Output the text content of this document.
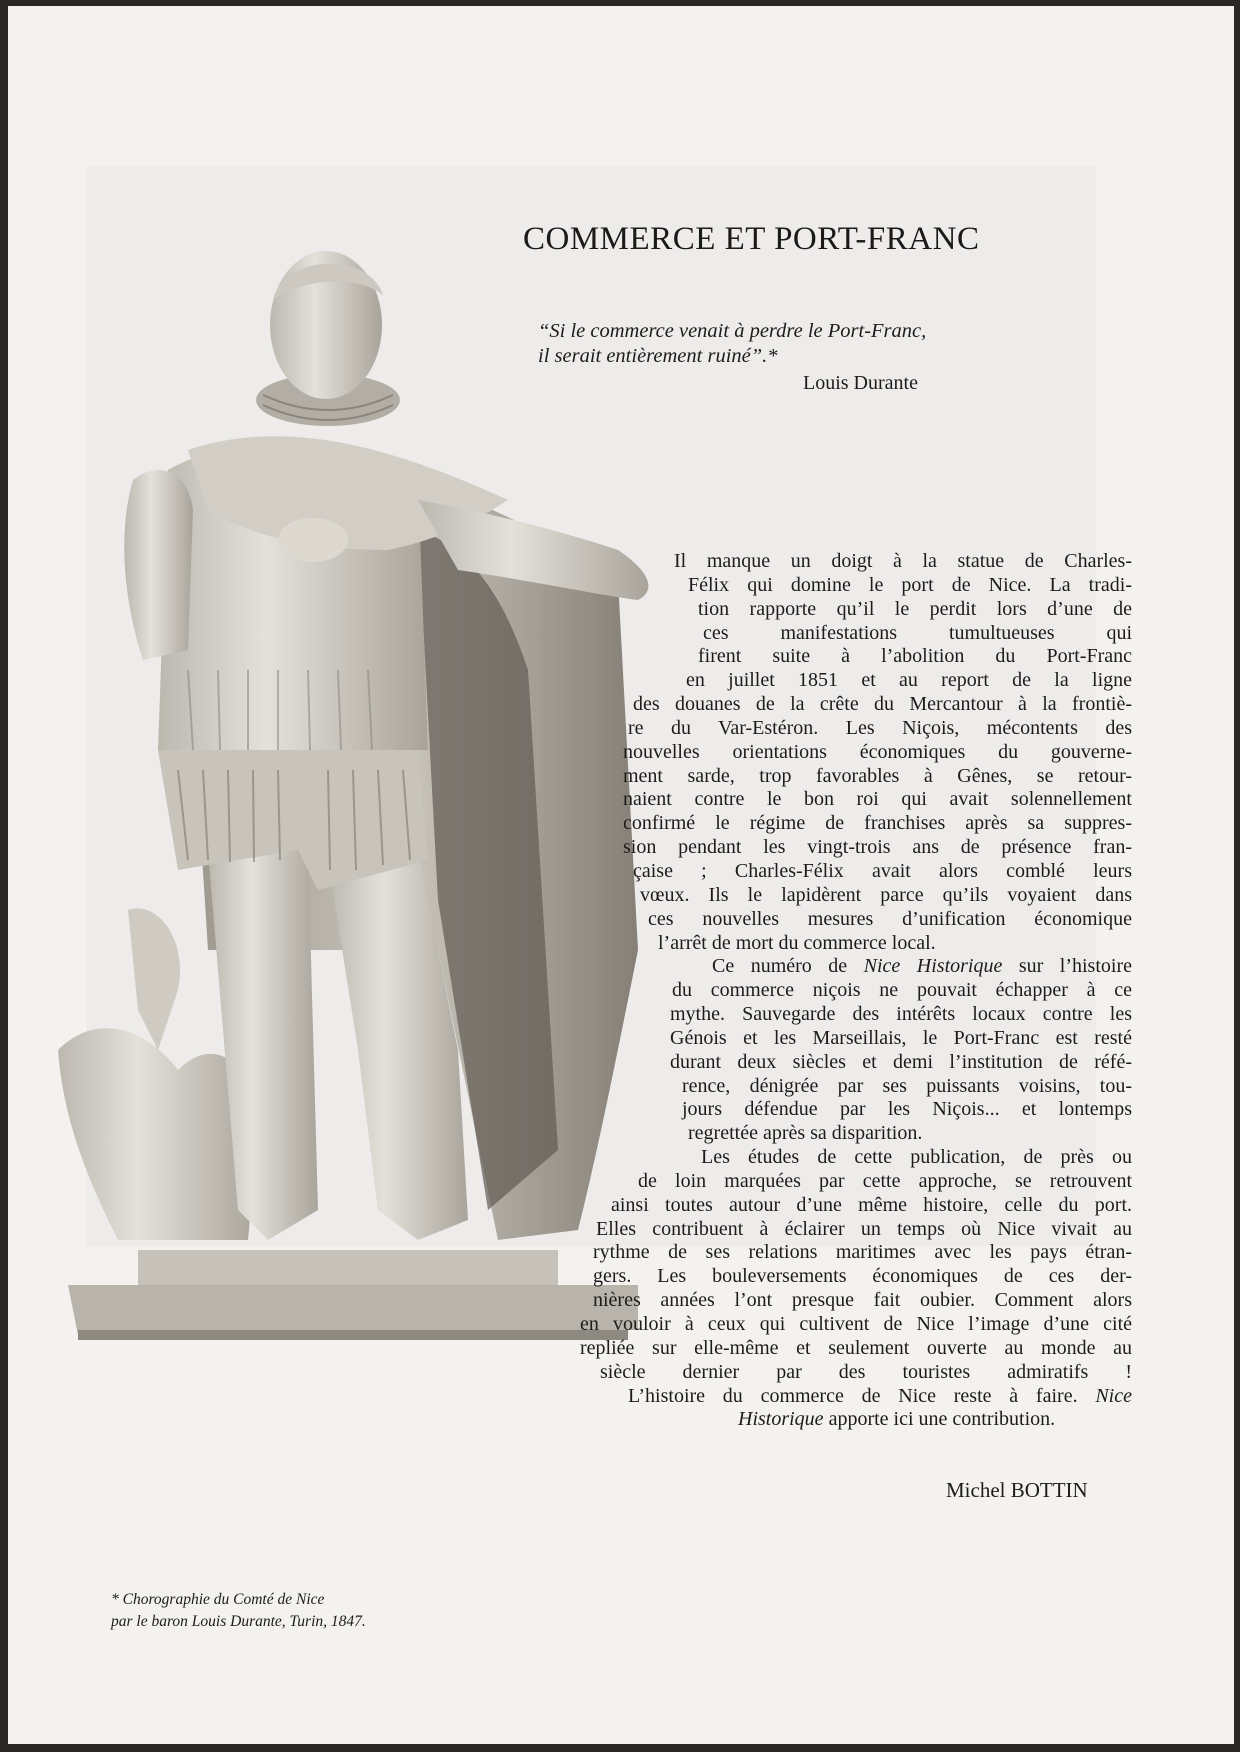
COMMERCE ET PORT-FRANC
“Si le commerce venait à perdre le Port-Franc,
il serait entièrement ruiné”.*
Louis Durante
Il manque un doigt à la statue de Charles-
Félix qui domine le port de Nice. La tradi-
tion rapporte qu’il le perdit lors d’une de
ces manifestations tumultueuses qui
firent suite à l’abolition du Port-Franc
en juillet 1851 et au report de la ligne
des douanes de la crête du Mercantour à la frontiè-
re du Var-Estéron. Les Niçois, mécontents des
nouvelles orientations économiques du gouverne-
ment sarde, trop favorables à Gênes, se retour-
naient contre le bon roi qui avait solennellement
confirmé le régime de franchises après sa suppres-
sion pendant les vingt-trois ans de présence fran-
çaise ; Charles-Félix avait alors comblé leurs
vœux. Ils le lapidèrent parce qu’ils voyaient dans
ces nouvelles mesures d’unification économique
l’arrêt de mort du commerce local.
Ce numéro de Nice Historique sur l’histoire
du commerce niçois ne pouvait échapper à ce
mythe. Sauvegarde des intérêts locaux contre les
Génois et les Marseillais, le Port-Franc est resté
durant deux siècles et demi l’institution de réfé-
rence, dénigrée par ses puissants voisins, tou-
jours défendue par les Niçois... et lontemps
regrettée après sa disparition.
Les études de cette publication, de près ou
de loin marquées par cette approche, se retrouvent
ainsi toutes autour d’une même histoire, celle du port.
Elles contribuent à éclairer un temps où Nice vivait au
rythme de ses relations maritimes avec les pays étran-
gers. Les bouleversements économiques de ces der-
nières années l’ont presque fait oubier. Comment alors
en vouloir à ceux qui cultivent de Nice l’image d’une cité
repliée sur elle-même et seulement ouverte au monde au
siècle dernier par des touristes admiratifs !
L’histoire du commerce de Nice reste à faire. Nice
Historique apporte ici une contribution.
Michel BOTTIN
* Chorographie du Comté de Nice
par le baron Louis Durante, Turin, 1847.
